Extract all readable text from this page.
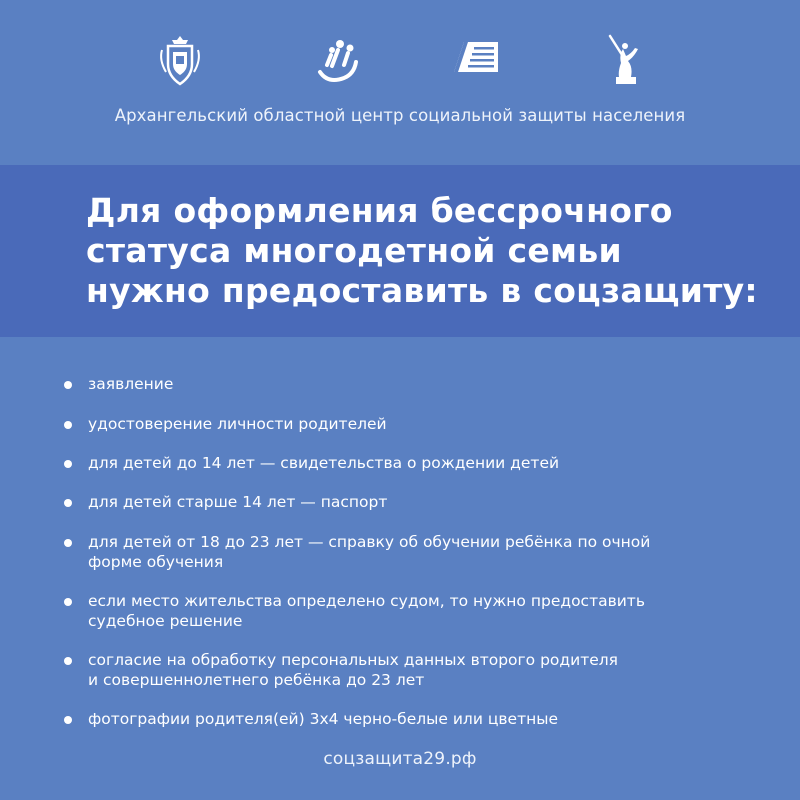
Архангельский областной центр социальной защиты населения
Для оформления бессрочного
статуса многодетной семьи
нужно предоставить в соцзащиту:
заявление
удостоверение личности родителей
для детей до 14 лет — свидетельства о рождении детей
для детей старше 14 лет — паспорт
для детей от 18 до 23 лет — справку об обучении ребёнка по очной
форме обучения
если место жительства определено судом, то нужно предоставить
судебное решение
согласие на обработку персональных данных второго родителя
и совершеннолетнего ребёнка до 23 лет
фотографии родителя(ей) 3х4 черно-белые или цветные
соцзащита29.рф
